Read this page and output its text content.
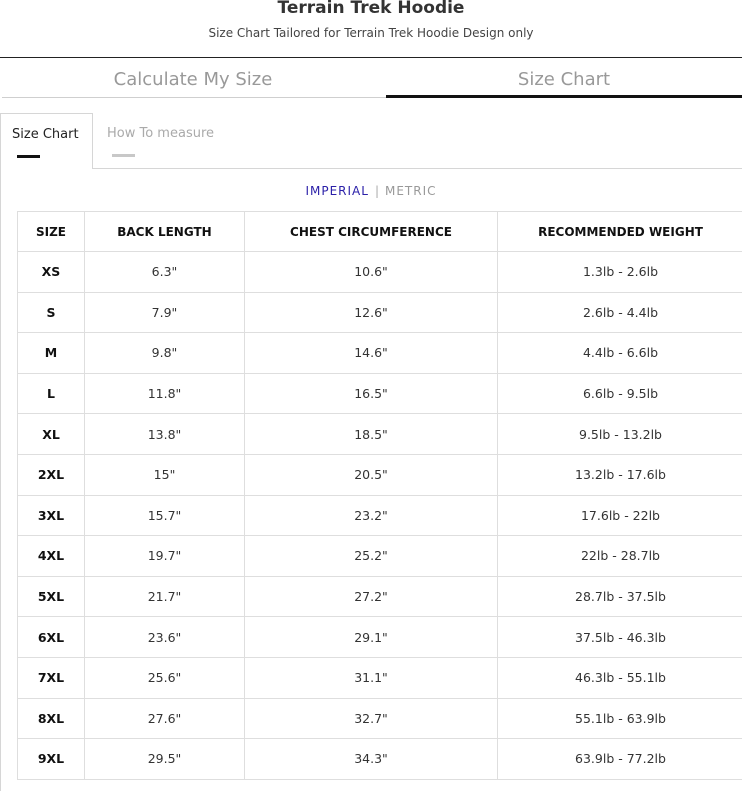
Terrain Trek Hoodie
Size Chart Tailored for Terrain Trek Hoodie Design only
Calculate My Size	Size Chart
Size Chart How To measure
IMPERIAL | METRIC
SIZE	BACK LENGTH	CHEST CIRCUMFERENCE	RECOMMENDED WEIGHT
XS	6.3"	10.6"	1.3lb - 2.6lb
S	7.9"	12.6"	2.6lb - 4.4lb
M	9.8"	14.6"	4.4lb - 6.6lb
L	11.8"	16.5"	6.6lb - 9.5lb
XL	13.8"	18.5"	9.5lb - 13.2lb
2XL	15"	20.5"	13.2lb - 17.6lb
3XL	15.7"	23.2"	17.6lb - 22lb
4XL	19.7"	25.2"	22lb - 28.7lb
5XL	21.7"	27.2"	28.7lb - 37.5lb
6XL	23.6"	29.1"	37.5lb - 46.3lb
7XL	25.6"	31.1"	46.3lb - 55.1lb
8XL	27.6"	32.7"	55.1lb - 63.9lb
9XL	29.5"	34.3"	63.9lb - 77.2lb
